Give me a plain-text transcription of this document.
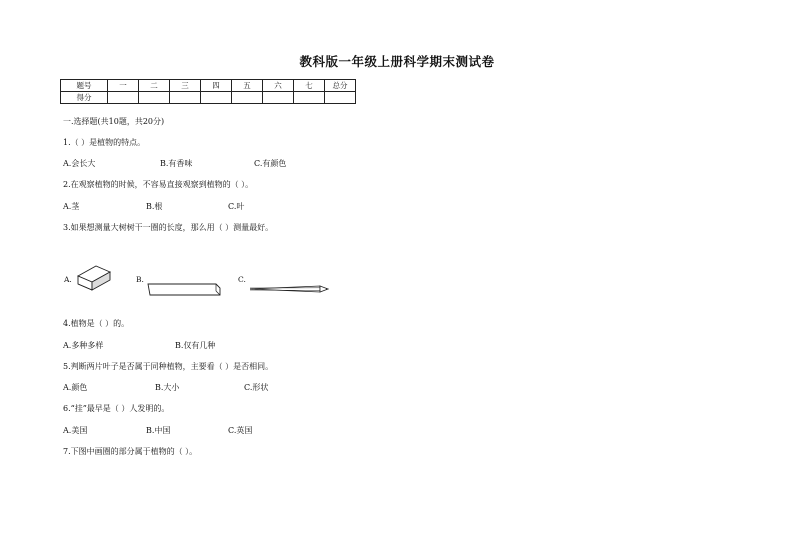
教科版一年级上册科学期末测试卷
题号	一	二	三	四	五	六	七	总分
得分								
一.选择题(共10题，共20分)
1.（ ）是植物的特点。
A.会长大	B.有香味	C.有颜色
2.在观察植物的时候，不容易直接观察到植物的（ ）。
A.茎	B.根	C.叶
3.如果想测量大树树干一圈的长度，那么用（ ）测量最好。
A.	B.	C.
4.植物是（ ）的。
A.多种多样	B.仅有几种
5.判断两片叶子是否属于同种植物，主要看（ ）是否相同。
A.颜色	B.大小	C.形状
6.“挂”最早是（ ）人发明的。
A.美国	B.中国	C.英国
7.下图中画圈的部分属于植物的（ ）。
